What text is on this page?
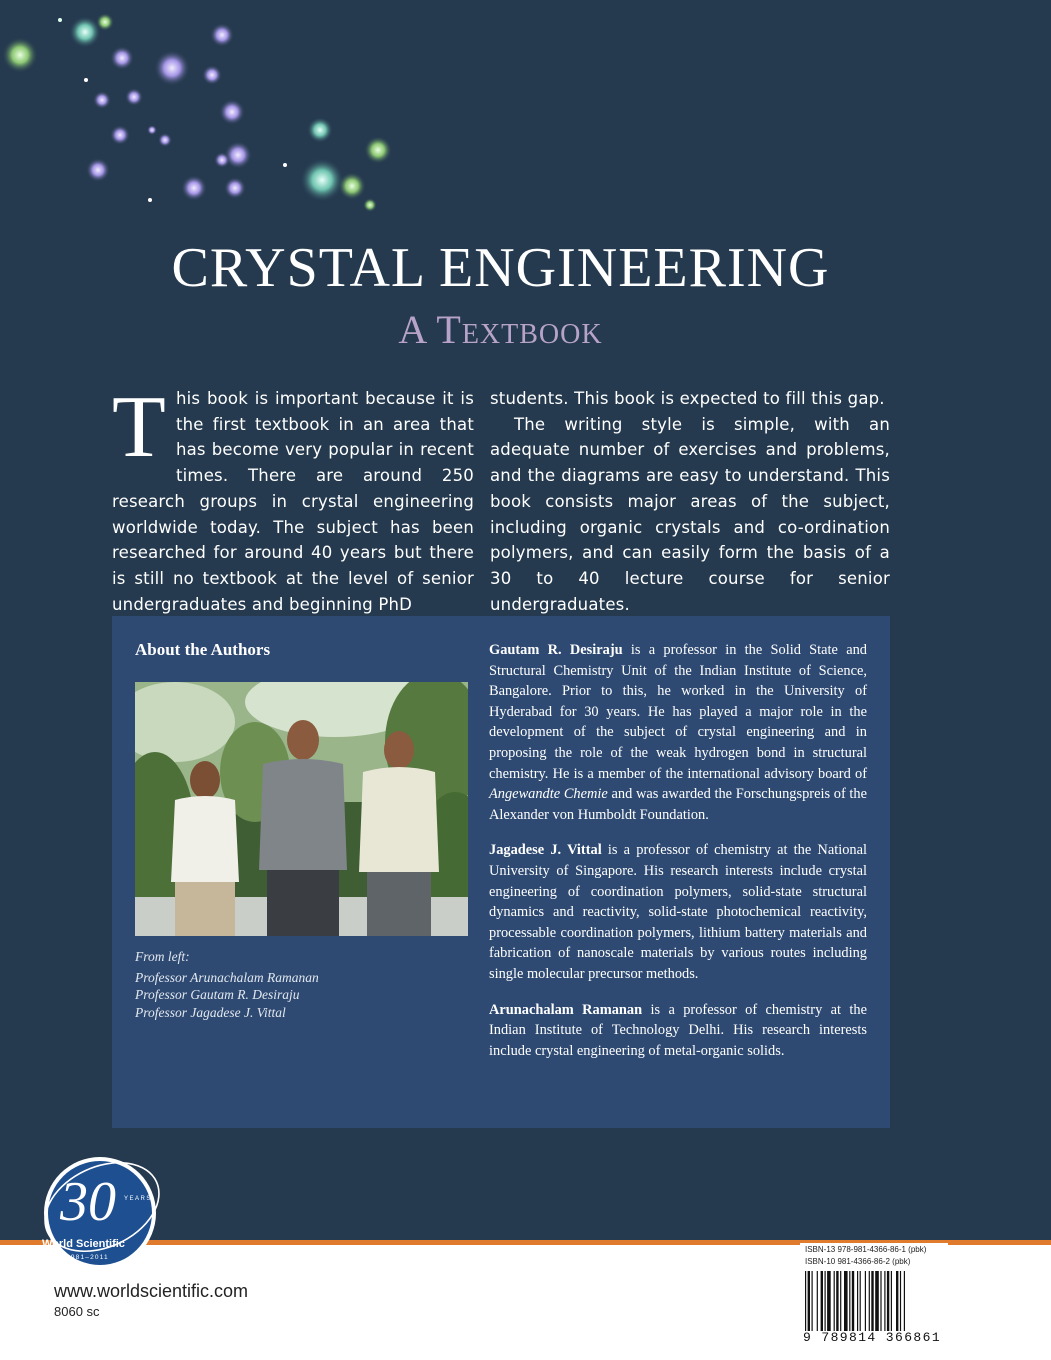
CRYSTAL ENGINEERING
A Textbook
This book is important because it is the first textbook in an area that has become very popular in recent times. There are around 250 research groups in crystal engineering worldwide today. The subject has been researched for around 40 years but there is still no textbook at the level of senior undergraduates and beginning PhD
students. This book is expected to fill this gap.
The writing style is simple, with an adequate number of exercises and problems, and the diagrams are easy to understand. This book consists major areas of the subject, including organic crystals and co-ordination polymers, and can easily form the basis of a 30 to 40 lecture course for senior undergraduates.
About the Authors
From left:
Professor Arunachalam Ramanan
Professor Gautam R. Desiraju
Professor Jagadese J. Vittal

Gautam R. Desiraju is a professor in the Solid State and Structural Chemistry Unit of the Indian Institute of Science, Bangalore. Prior to this, he worked in the University of Hyderabad for 30 years. He has played a major role in the development of the subject of crystal engineering and in proposing the role of the weak hydrogen bond in structural chemistry. He is a member of the international advisory board of Angewandte Chemie and was awarded the Forschungspreis of the Alexander von Humboldt Foundation.

Jagadese J. Vittal is a professor of chemistry at the National University of Singapore. His research interests include crystal engineering of coordination polymers, solid-state structural dynamics and reactivity, solid-state photochemical reactivity, processable coordination polymers, lithium battery materials and fabrication of nanoscale materials by various routes including single molecular precursor methods.

Arunachalam Ramanan is a professor of chemistry at the Indian Institute of Technology Delhi. His research interests include crystal engineering of metal-organic solids.

30 YEARS
World Scientific
1981–2011
www.worldscientific.com
8060 sc
ISBN-13 978-981-4366-86-1 (pbk)
ISBN-10 981-4366-86-2 (pbk)
9 789814 366861
